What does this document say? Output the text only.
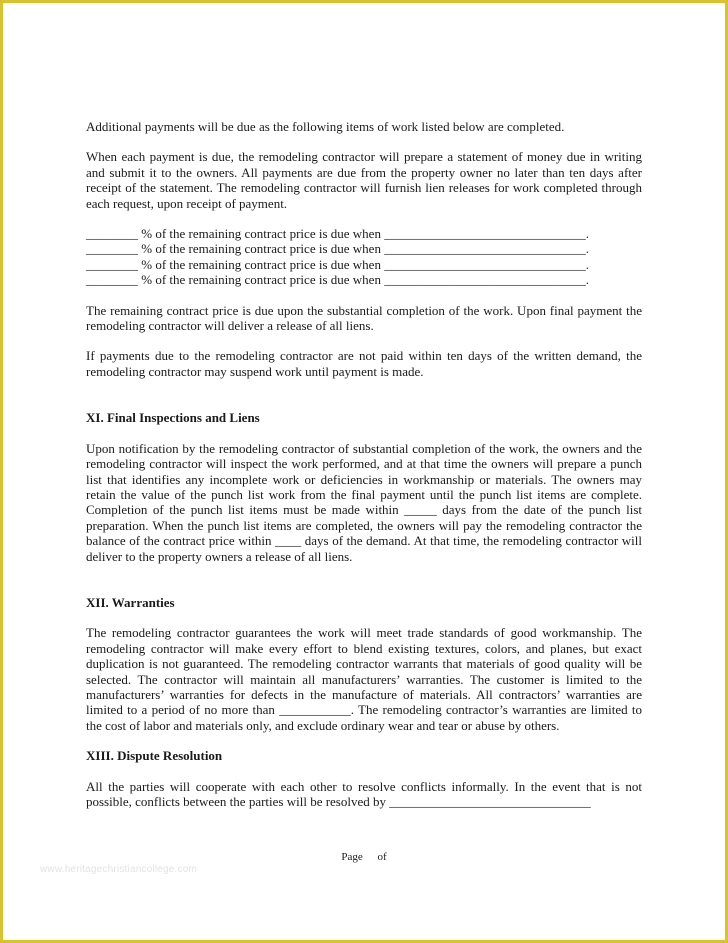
Additional payments will be due as the following items of work listed below are completed.

When each payment is due, the remodeling contractor will prepare a statement of money due in writing and submit it to the owners. All payments are due from the property owner no later than ten days after receipt of the statement. The remodeling contractor will furnish lien releases for work completed through each request, upon receipt of payment.

________ % of the remaining contract price is due when _______________________________.
________ % of the remaining contract price is due when _______________________________.
________ % of the remaining contract price is due when _______________________________.
________ % of the remaining contract price is due when _______________________________.

The remaining contract price is due upon the substantial completion of the work. Upon final payment the remodeling contractor will deliver a release of all liens.

If payments due to the remodeling contractor are not paid within ten days of the written demand, the remodeling contractor may suspend work until payment is made.

XI. Final Inspections and Liens

Upon notification by the remodeling contractor of substantial completion of the work, the owners and the remodeling contractor will inspect the work performed, and at that time the owners will prepare a punch list that identifies any incomplete work or deficiencies in workmanship or materials. The owners may retain the value of the punch list work from the final payment until the punch list items are complete. Completion of the punch list items must be made within _____ days from the date of the punch list preparation. When the punch list items are completed, the owners will pay the remodeling contractor the balance of the contract price within ____ days of the demand. At that time, the remodeling contractor will deliver to the property owners a release of all liens.

XII. Warranties

The remodeling contractor guarantees the work will meet trade standards of good workmanship. The remodeling contractor will make every effort to blend existing textures, colors, and planes, but exact duplication is not guaranteed. The remodeling contractor warrants that materials of good quality will be selected. The contractor will maintain all manufacturers’ warranties. The customer is limited to the manufacturers’ warranties for defects in the manufacture of materials. All contractors’ warranties are limited to a period of no more than ___________. The remodeling contractor’s warranties are limited to the cost of labor and materials only, and exclude ordinary wear and tear or abuse by others.

XIII. Dispute Resolution

All the parties will cooperate with each other to resolve conflicts informally. In the event that is not possible, conflicts between the parties will be resolved by _______________________________

Page of
www.heritagechristiancollege.com
